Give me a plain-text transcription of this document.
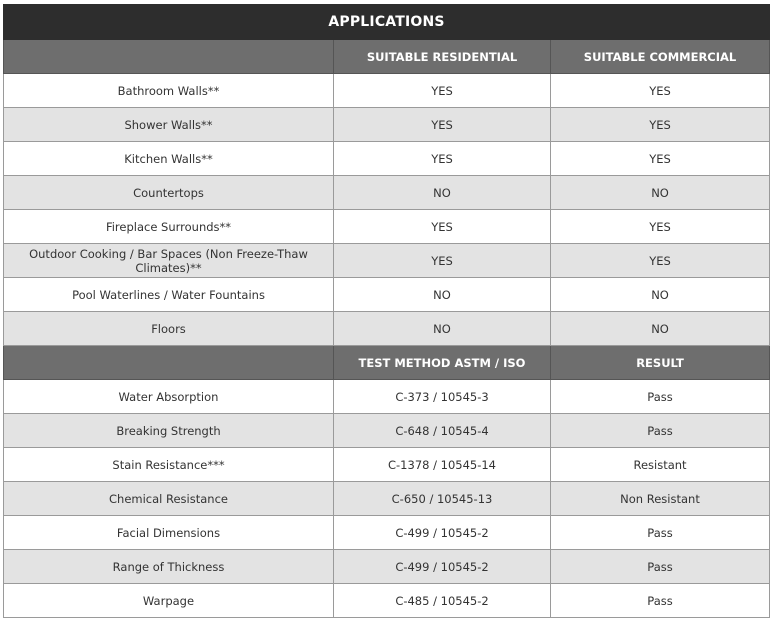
APPLICATIONS		
	SUITABLE RESIDENTIAL	SUITABLE COMMERCIAL
Bathroom Walls**	YES	YES
Shower Walls**	YES	YES
Kitchen Walls**	YES	YES
Countertops	NO	NO
Fireplace Surrounds**	YES	YES
Outdoor Cooking / Bar Spaces (Non Freeze-Thaw Climates)**	YES	YES
Pool Waterlines / Water Fountains	NO	NO
Floors	NO	NO
	TEST METHOD ASTM / ISO	RESULT
Water Absorption	C-373 / 10545-3	Pass
Breaking Strength	C-648 / 10545-4	Pass
Stain Resistance***	C-1378 / 10545-14	Resistant
Chemical Resistance	C-650 / 10545-13	Non Resistant
Facial Dimensions	C-499 / 10545-2	Pass
Range of Thickness	C-499 / 10545-2	Pass
Warpage	C-485 / 10545-2	Pass
